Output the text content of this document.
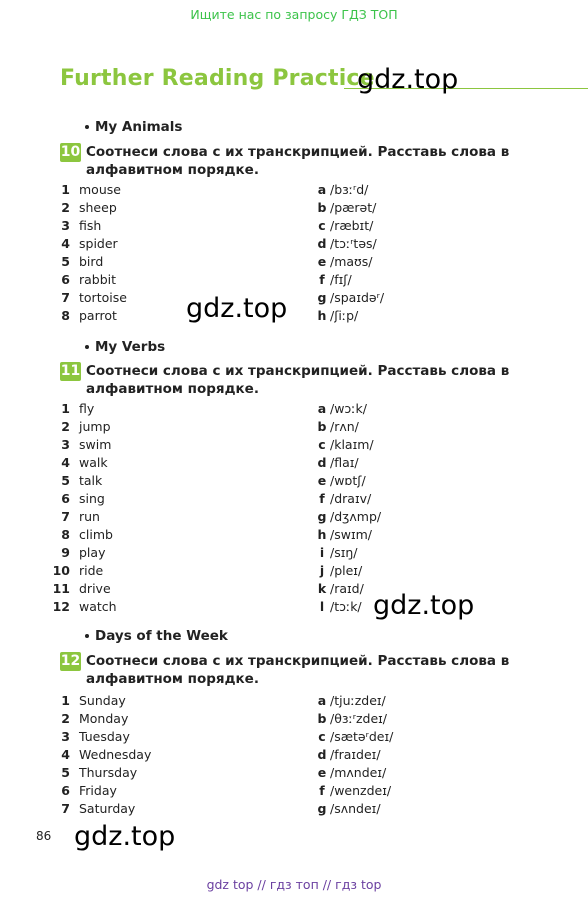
Ищите нас по запросу ГДЗ ТОП
Further Reading Practice
gdz.top
gdz.top
gdz.top
gdz.top
My Animals
10 Соотнеси слова с их транскрипцией. Расставь слова в алфавитном порядке.
1 mouse
2 sheep
3 fish
4 spider
5 bird
6 rabbit
7 tortoise
8 parrot
a /bɜːʳd/
b /pærət/
c /ræbɪt/
d /tɔːʳtəs/
e /maʊs/
f /fɪʃ/
g /spaɪdəʳ/
h /ʃiːp/
My Verbs
11 Соотнеси слова с их транскрипцией. Расставь слова в алфавитном порядке.
1 fly
2 jump
3 swim
4 walk
5 talk
6 sing
7 run
8 climb
9 play
10 ride
11 drive
12 watch
a /wɔːk/
b /rʌn/
c /klaɪm/
d /flaɪ/
e /wɒtʃ/
f /draɪv/
g /dʒʌmp/
h /swɪm/
i /sɪŋ/
j /pleɪ/
k /raɪd/
l /tɔːk/
Days of the Week
12 Соотнеси слова с их транскрипцией. Расставь слова в алфавитном порядке.
1 Sunday
2 Monday
3 Tuesday
4 Wednesday
5 Thursday
6 Friday
7 Saturday
a /tjuːzdeɪ/
b /θɜːʳzdeɪ/
c /sætəʳdeɪ/
d /fraɪdeɪ/
e /mʌndeɪ/
f /wenzdeɪ/
g /sʌndeɪ/
86
gdz top // гдз топ // гдз top
